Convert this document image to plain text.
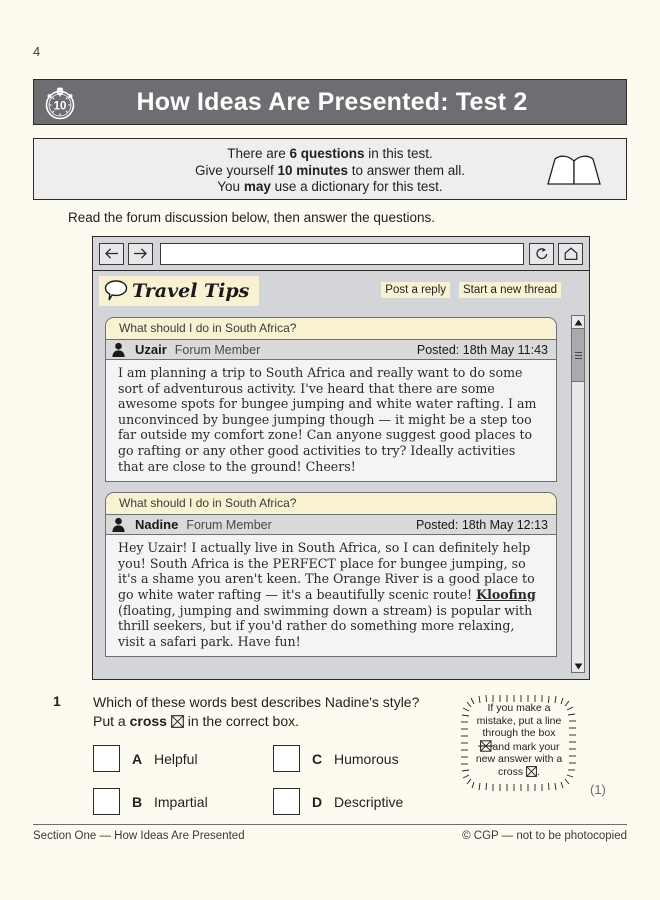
4
10	How Ideas Are Presented: Test 2
There are 6 questions in this test.
Give yourself 10 minutes to answer them all.
You may use a dictionary for this test.
Read the forum discussion below, then answer the questions.
Travel Tips	Post a reply	Start a new thread
What should I do in South Africa?
Uzair Forum Member	Posted: 18th May 11:43
I am planning a trip to South Africa and really want to do some sort of adventurous activity. I've heard that there are some awesome spots for bungee jumping and white water rafting. I am unconvinced by bungee jumping though — it might be a step too far outside my comfort zone! Can anyone suggest good places to go rafting or any other good activities to try? Ideally activities that are close to the ground! Cheers!
What should I do in South Africa?
Nadine Forum Member	Posted: 18th May 12:13
Hey Uzair! I actually live in South Africa, so I can definitely help you! South Africa is the PERFECT place for bungee jumping, so it's a shame you aren't keen. The Orange River is a good place to go white water rafting — it's a beautifully scenic route! Kloofing (floating, jumping and swimming down a stream) is popular with thrill seekers, but if you'd rather do something more relaxing, visit a safari park. Have fun!
1 Which of these words best describes Nadine's style?
Put a cross  in the correct box.
A Helpful	C Humorous
B Impartial	D Descriptive
If you make a
mistake, put a line
through the box
and mark your
new answer with a
cross .
(1)
Section One — How Ideas Are Presented	© CGP — not to be photocopied
